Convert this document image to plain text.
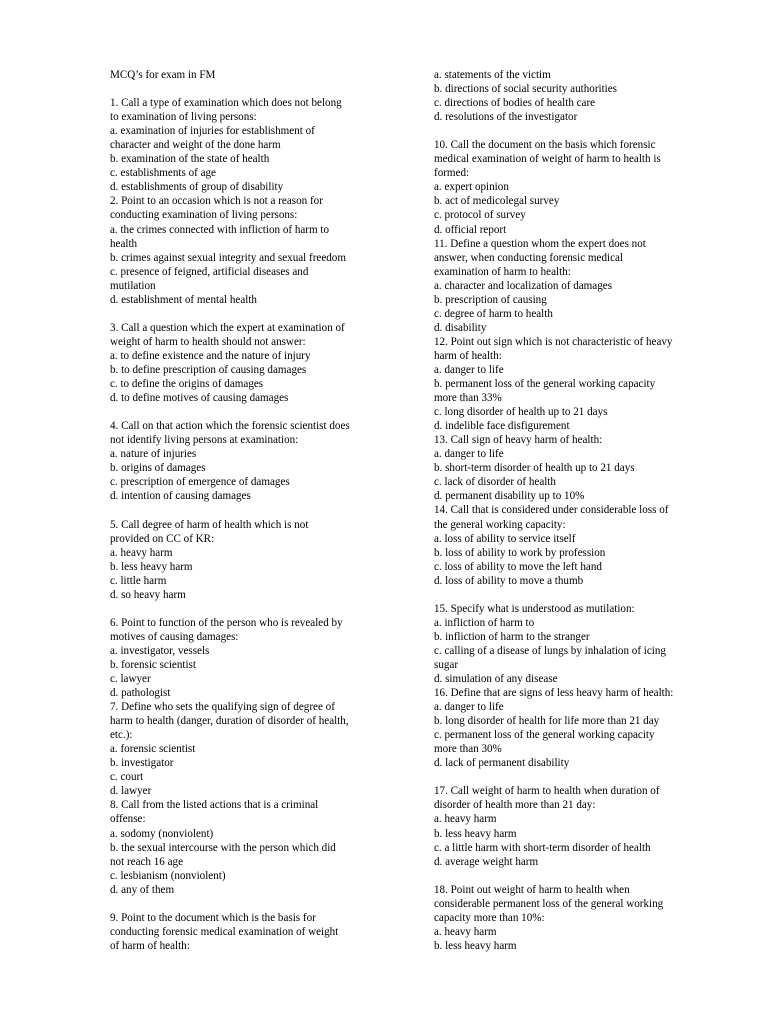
MCQ’s for exam in FM
1. Call a type of examination which does not belong
to examination of living persons:
a. examination of injuries for establishment of
character and weight of the done harm
b. examination of the state of health
c. establishments of age
d. establishments of group of disability
2. Point to an occasion which is not a reason for
conducting examination of living persons:
a. the crimes connected with infliction of harm to
health
b. crimes against sexual integrity and sexual freedom
c. presence of feigned, artificial diseases and
mutilation
d. establishment of mental health
3. Call a question which the expert at examination of
weight of harm to health should not answer:
a. to define existence and the nature of injury
b. to define prescription of causing damages
c. to define the origins of damages
d. to define motives of causing damages
4. Call on that action which the forensic scientist does
not identify living persons at examination:
a. nature of injuries
b. origins of damages
c. prescription of emergence of damages
d. intention of causing damages
5. Call degree of harm of health which is not
provided on CC of KR:
a. heavy harm
b. less heavy harm
c. little harm
d. so heavy harm
6. Point to function of the person who is revealed by
motives of causing damages:
a. investigator, vessels
b. forensic scientist
c. lawyer
d. pathologist
7. Define who sets the qualifying sign of degree of
harm to health (danger, duration of disorder of health,
etc.):
a. forensic scientist
b. investigator
c. court
d. lawyer
8. Call from the listed actions that is a criminal
offense:
a. sodomy (nonviolent)
b. the sexual intercourse with the person which did
not reach 16 age
c. lesbianism (nonviolent)
d. any of them
9. Point to the document which is the basis for
conducting forensic medical examination of weight
of harm of health:
a. statements of the victim
b. directions of social security authorities
c. directions of bodies of health care
d. resolutions of the investigator
10. Call the document on the basis which forensic
medical examination of weight of harm to health is
formed:
a. expert opinion
b. act of medicolegal survey
c. protocol of survey
d. official report
11. Define a question whom the expert does not
answer, when conducting forensic medical
examination of harm to health:
a. character and localization of damages
b. prescription of causing
c. degree of harm to health
d. disability
12. Point out sign which is not characteristic of heavy
harm of health:
a. danger to life
b. permanent loss of the general working capacity
more than 33%
c. long disorder of health up to 21 days
d. indelible face disfigurement
13. Call sign of heavy harm of health:
a. danger to life
b. short-term disorder of health up to 21 days
c. lack of disorder of health
d. permanent disability up to 10%
14. Call that is considered under considerable loss of
the general working capacity:
a. loss of ability to service itself
b. loss of ability to work by profession
c. loss of ability to move the left hand
d. loss of ability to move a thumb
15. Specify what is understood as mutilation:
a. infliction of harm to
b. infliction of harm to the stranger
c. calling of a disease of lungs by inhalation of icing
sugar
d. simulation of any disease
16. Define that are signs of less heavy harm of health:
a. danger to life
b. long disorder of health for life more than 21 day
c. permanent loss of the general working capacity
more than 30%
d. lack of permanent disability
17. Call weight of harm to health when duration of
disorder of health more than 21 day:
a. heavy harm
b. less heavy harm
c. a little harm with short-term disorder of health
d. average weight harm
18. Point out weight of harm to health when
considerable permanent loss of the general working
capacity more than 10%:
a. heavy harm
b. less heavy harm
